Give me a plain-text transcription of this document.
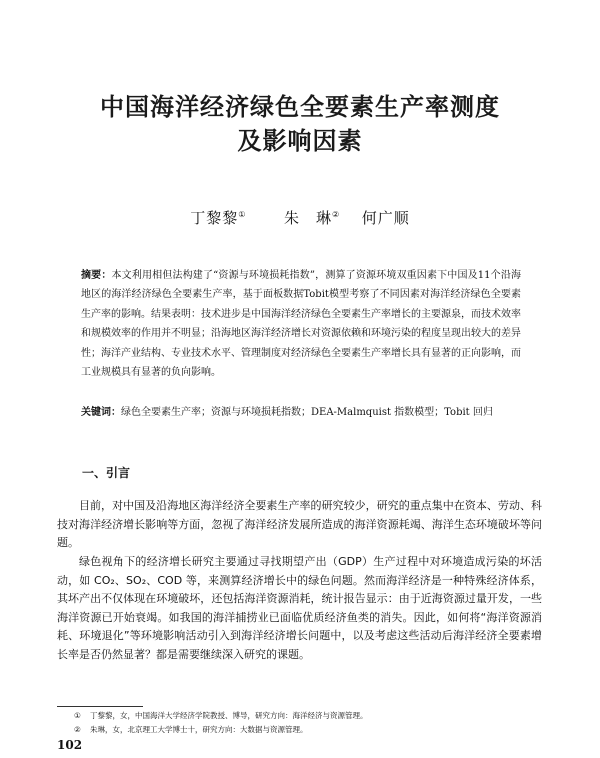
中国海洋经济绿色全要素生产率测度
及影响因素
丁黎黎①	朱　琳② 何广顺
摘要：本文利用相但法构建了“资源与环境损耗指数”，测算了资源环境双重因素下中国及11个沿海地区的海洋经济绿色全要素生产率，基于面板数据Tobit模型考察了不同因素对海洋经济绿色全要素生产率的影响。结果表明：技术进步是中国海洋经济绿色全要素生产率增长的主要源泉，而技术效率和规模效率的作用并不明显；沿海地区海洋经济增长对资源依赖和环境污染的程度呈现出较大的差异性；海洋产业结构、专业技术水平、管理制度对经济绿色全要素生产率增长具有显著的正向影响，而工业规模具有显著的负向影响。
关键词：绿色全要素生产率；资源与环境损耗指数；DEA-Malmquist 指数模型；Tobit 回归
一、引言

目前，对中国及沿海地区海洋经济全要素生产率的研究较少，研究的重点集中在资本、劳动、科技对海洋经济增长影响等方面，忽视了海洋经济发展所造成的海洋资源耗竭、海洋生态环境破坏等问题。

绿色视角下的经济增长研究主要通过寻找期望产出（GDP）生产过程中对环境造成污染的坏活动，如 CO₂、SO₂、COD 等，来测算经济增长中的绿色问题。然而海洋经济是一种特殊经济体系，其坏产出不仅体现在环境破坏，还包括海洋资源消耗，统计报告显示：由于近海资源过量开发，一些海洋资源已开始衰竭。如我国的海洋捕捞业已面临优质经济鱼类的消失。因此，如何将“海洋资源消耗、环境退化”等环境影响活动引入到海洋经济增长问题中，以及考虑这些活动后海洋经济全要素增长率是否仍然显著？都是需要继续深入研究的课题。

① 丁黎黎，女，中国海洋大学经济学院教授、博导，研究方向：海洋经济与资源管理。
② 朱琳，女，北京理工大学博士十，研究方向：大数据与资源管理。
102
